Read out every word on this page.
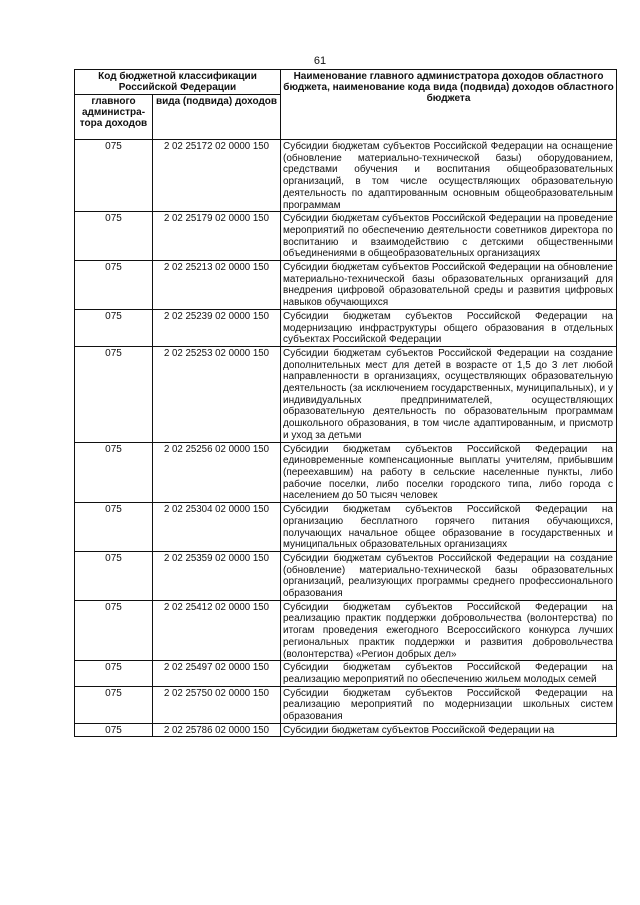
61
Код бюджетной классификации Российской Федерации		Наименование главного администратора доходов областного бюджета, наименование кода вида (подвида) доходов областного бюджета
главного администра-тора доходов	вида (подвида) доходов	
075	2 02 25172 02 0000 150	Субсидии бюджетам субъектов Российской Федерации на оснащение (обновление материально-технической базы) оборудованием, средствами обучения и воспитания общеобразовательных организаций, в том числе осуществляющих образовательную деятельность по адаптированным основным общеобразовательным программам
075	2 02 25179 02 0000 150	Субсидии бюджетам субъектов Российской Федерации на проведение мероприятий по обеспечению деятельности советников директора по воспитанию и взаимодействию с детскими общественными объединениями в общеобразовательных организациях
075	2 02 25213 02 0000 150	Субсидии бюджетам субъектов Российской Федерации на обновление материально-технической базы образовательных организаций для внедрения цифровой образовательной среды и развития цифровых навыков обучающихся
075	2 02 25239 02 0000 150	Субсидии бюджетам субъектов Российской Федерации на модернизацию инфраструктуры общего образования в отдельных субъектах Российской Федерации
075	2 02 25253 02 0000 150	Субсидии бюджетам субъектов Российской Федерации на создание дополнительных мест для детей в возрасте от 1,5 до 3 лет любой направленности в организациях, осуществляющих образовательную деятельность (за исключением государственных, муниципальных), и у индивидуальных предпринимателей, осуществляющих образовательную деятельность по образовательным программам дошкольного образования, в том числе адаптированным, и присмотр и уход за детьми
075	2 02 25256 02 0000 150	Субсидии бюджетам субъектов Российской Федерации на единовременные компенсационные выплаты учителям, прибывшим (переехавшим) на работу в сельские населенные пункты, либо рабочие поселки, либо поселки городского типа, либо города с населением до 50 тысяч человек
075	2 02 25304 02 0000 150	Субсидии бюджетам субъектов Российской Федерации на организацию бесплатного горячего питания обучающихся, получающих начальное общее образование в государственных и муниципальных образовательных организациях
075	2 02 25359 02 0000 150	Субсидии бюджетам субъектов Российской Федерации на создание (обновление) материально-технической базы образовательных организаций, реализующих программы среднего профессионального образования
075	2 02 25412 02 0000 150	Субсидии бюджетам субъектов Российской Федерации на реализацию практик поддержки добровольчества (волонтерства) по итогам проведения ежегодного Всероссийского конкурса лучших региональных практик поддержки и развития добровольчества (волонтерства) «Регион добрых дел»
075	2 02 25497 02 0000 150	Субсидии бюджетам субъектов Российской Федерации на реализацию мероприятий по обеспечению жильем молодых семей
075	2 02 25750 02 0000 150	Субсидии бюджетам субъектов Российской Федерации на реализацию мероприятий по модернизации школьных систем образования
075	2 02 25786 02 0000 150	Субсидии бюджетам субъектов Российской Федерации на
